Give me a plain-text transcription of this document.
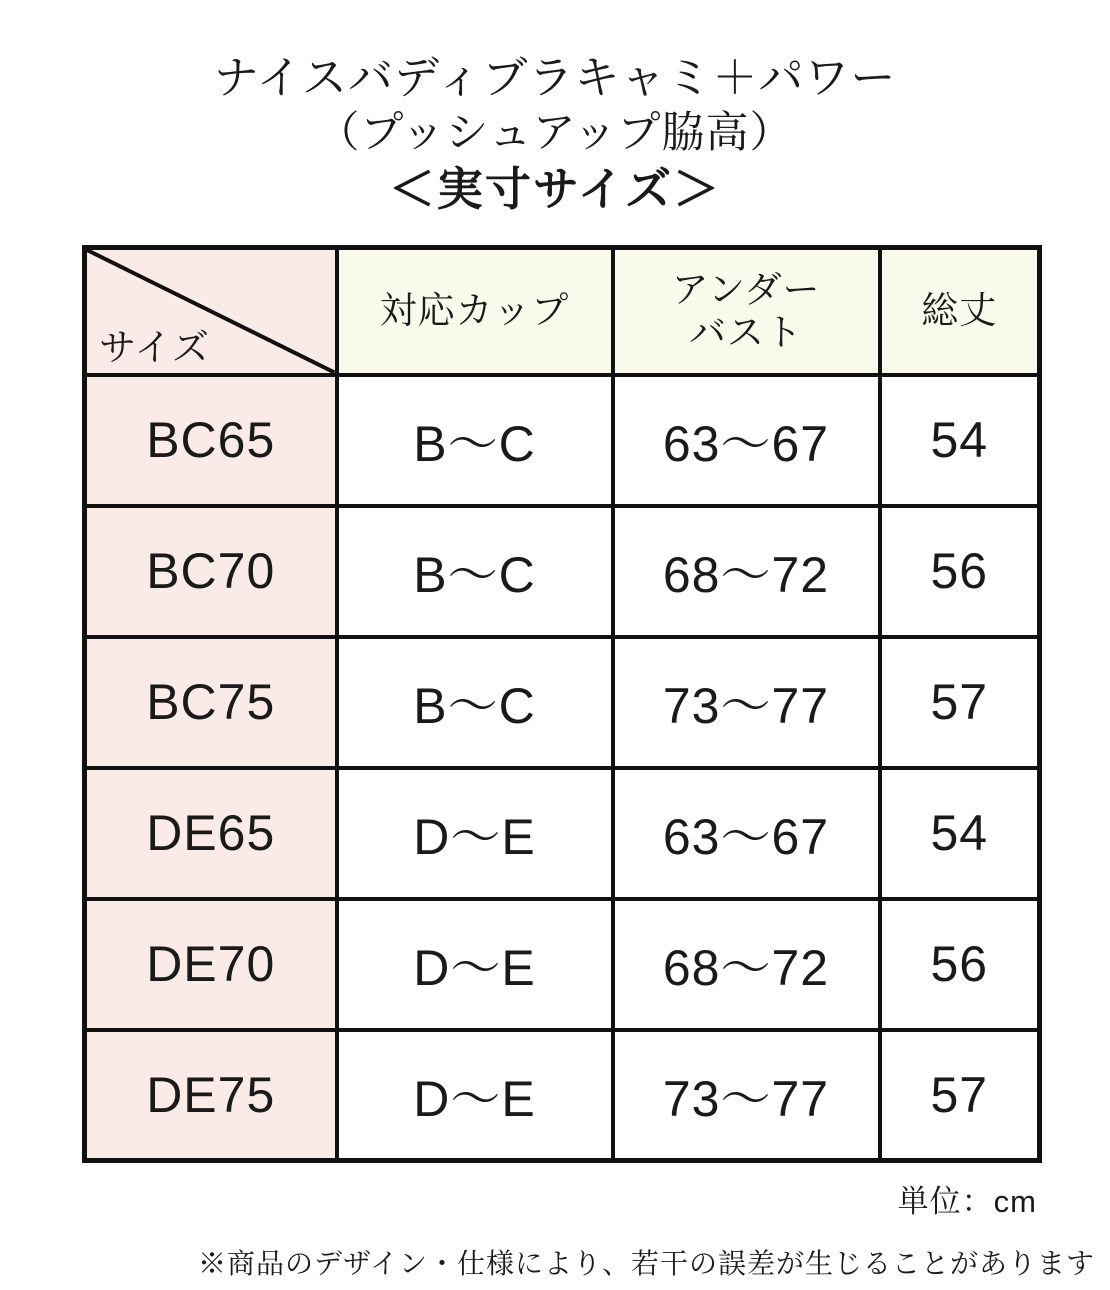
ナイスバディブラキャミ＋パワー
（プッシュアップ脇高）
＜実寸サイズ＞
サイズ	対応カップ	アンダー
バスト	総丈
BC65	B～C	63～67	54
BC70	B～C	68～72	56
BC75	B～C	73～77	57
DE65	D～E	63～67	54
DE70	D～E	68～72	56
DE75	D～E	73～77	57
単位：cm
※商品のデザイン・仕様により、若干の誤差が生じることがあります
